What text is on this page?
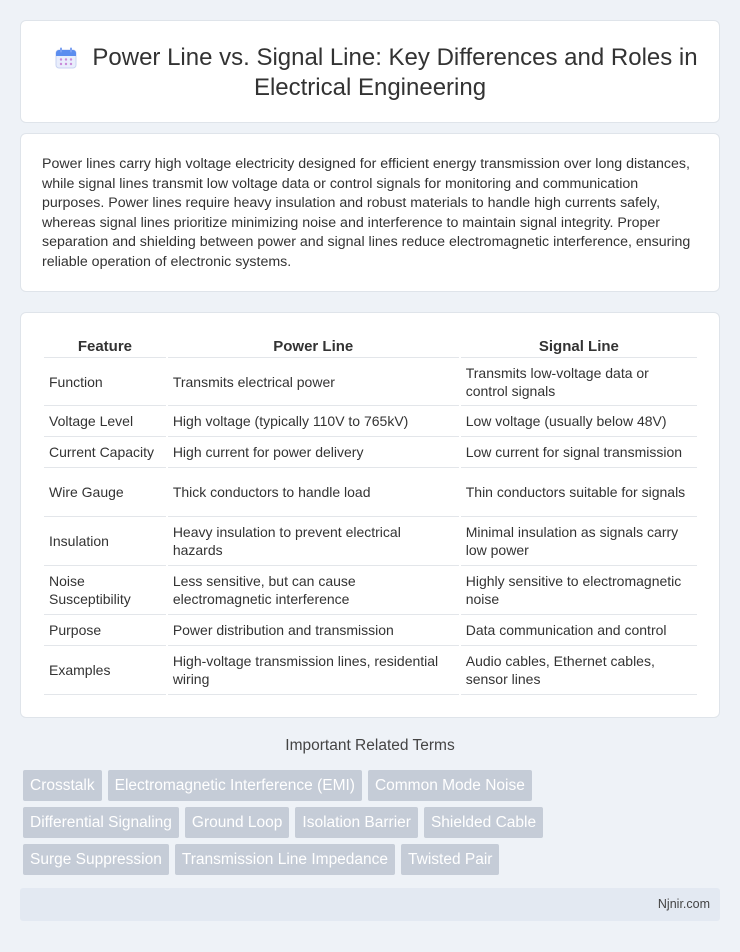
Power Line vs. Signal Line: Key Differences and Roles in
Electrical Engineering

Power lines carry high voltage electricity designed for efficient energy transmission over long distances, while signal lines transmit low voltage data or control signals for monitoring and communication purposes. Power lines require heavy insulation and robust materials to handle high currents safely, whereas signal lines prioritize minimizing noise and interference to maintain signal integrity. Proper separation and shielding between power and signal lines reduce electromagnetic interference, ensuring reliable operation of electronic systems.

Feature	Power Line	Signal Line
Function	Transmits electrical power	Transmits low-voltage data or control signals
Voltage Level	High voltage (typically 110V to 765kV)	Low voltage (usually below 48V)
Current Capacity	High current for power delivery	Low current for signal transmission
Wire Gauge	Thick conductors to handle load	Thin conductors suitable for signals
Insulation	Heavy insulation to prevent electrical hazards	Minimal insulation as signals carry low power
Noise Susceptibility	Less sensitive, but can cause electromagnetic interference	Highly sensitive to electromagnetic noise
Purpose	Power distribution and transmission	Data communication and control
Examples	High-voltage transmission lines, residential wiring	Audio cables, Ethernet cables, sensor lines
Important Related Terms
Crosstalk	Electromagnetic Interference (EMI)	Common Mode Noise
Differential Signaling	Ground Loop	Isolation Barrier	Shielded Cable
Surge Suppression	Transmission Line Impedance	Twisted Pair
Njnir.com
